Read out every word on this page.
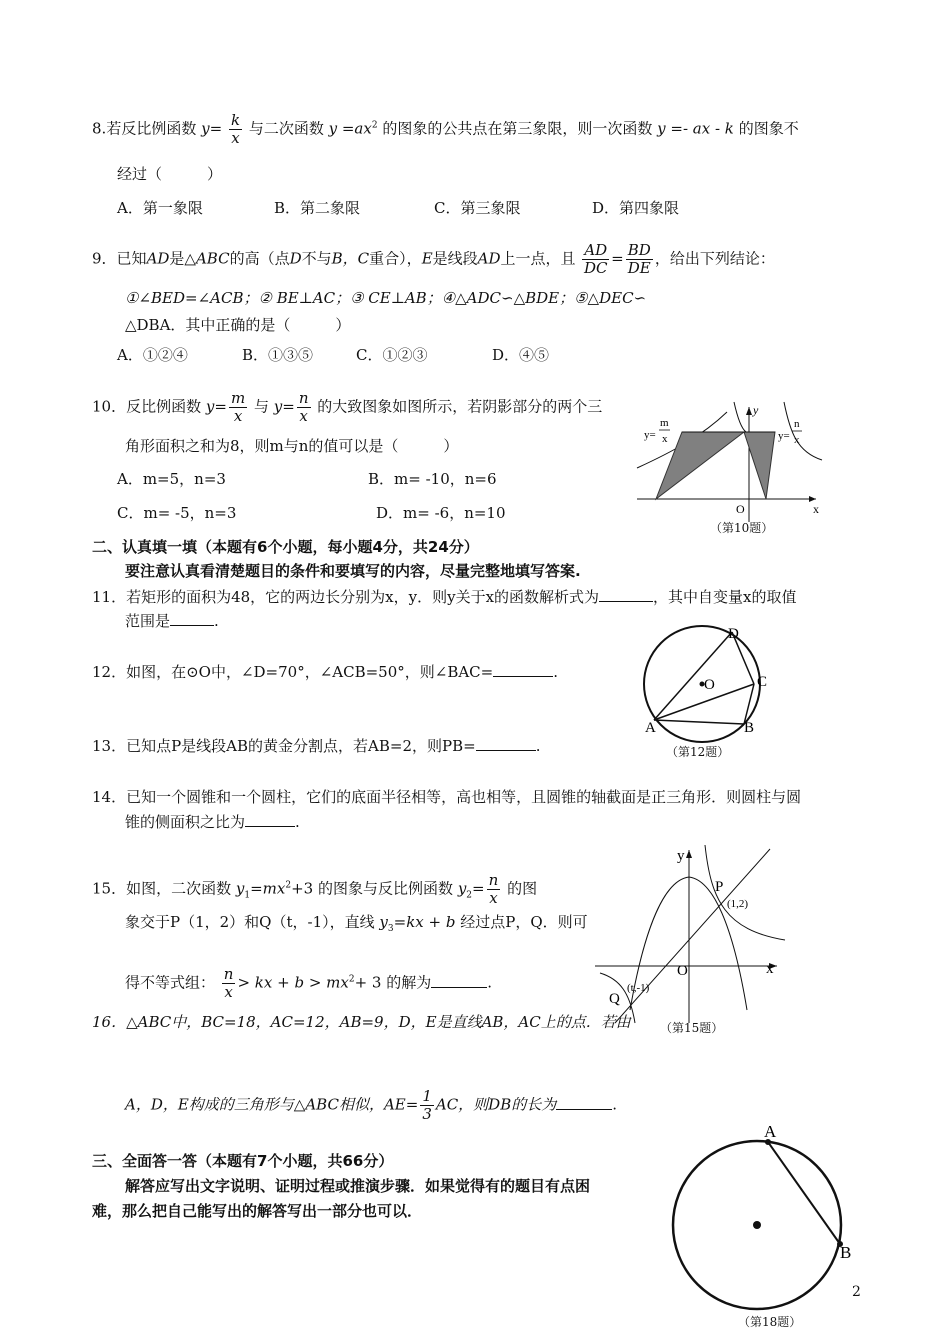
8.若反比例函数 $y= \frac{k}{x}$ 与二次函数 $y =ax^2$ 的图象的公共点在第三象限，则一次函数 y =- ax - k 的图象不
经过（　　　）
A．第一象限	B．第二象限	C．第三象限	D．第四象限
9．已知AD是△ABC的高（点D不与B，C重合），E是线段AD上一点，且 $\frac{AD}{DC} = \frac{BD}{DE}$ ，给出下列结论：
①∠BED=∠ACB；② BE⊥AC；③ CE⊥AB；④△ADC∽△BDE；⑤△DEC∽
△DBA．其中正确的是（　　　）
A．①②④	B．①③⑤	C．①②③	D．④⑤
10．反比例函数 $y= \frac{m}{x}$ 与 $y= \frac{n}{x}$ 的大致图象如图所示，若阴影部分的两个三
角形面积之和为8，则m与n的值可以是（　　　）
A．m=5，n=3	B．m= -10，n=6
C．m= -5，n=3	D．m= -6，n=10
y
x
O
y=
m
x	y=
n
x
（第10题）
二、认真填一填（本题有6个小题，每小题4分，共24分）
要注意认真看清楚题目的条件和要填写的内容，尽量完整地填写答案.
11．若矩形的面积为48，它的两边长分别为x，y．则y关于x的函数解析式为	，其中自变量x的取值
范围是	.
12．如图，在⊙O中，∠D=70°，∠ACB=50°，则∠BAC=	.
D
C
O
A	B
（第12题）
13．已知点P是线段AB的黄金分割点，若AB=2，则PB=	.
14．已知一个圆锥和一个圆柱，它们的底面半径相等，高也相等，且圆锥的轴截面是正三角形．则圆柱与圆
锥的侧面积之比为	.
15．如图，二次函数 $y_1=mx^2+3$ 的图象与反比例函数 $y_2= \frac{n}{x}$ 的图
象交于P（1，2）和Q（t，-1），直线 $y_3=kx + b$ 经过点P，Q．则可
得不等式组： $\frac{n}{x}$ > kx + $b > mx^2+ 3$ 的解为	.
y
x
O
P
(1,2)
Q
(t,-1)
（第15题）
16．△ABC中，BC=18，AC=12，AB=9，D，E是直线AB，AC上的点．若由
A，D，E构成的三角形与△ABC相似，$AE= \frac{1}{3}$ AC，则DB的长为	.
三、全面答一答（本题有7个小题，共66分）
解答应写出文字说明、证明过程或推演步骤．如果觉得有的题目有点困
难，那么把自己能写出的解答写出一部分也可以．
A
B
（第18题）
2
